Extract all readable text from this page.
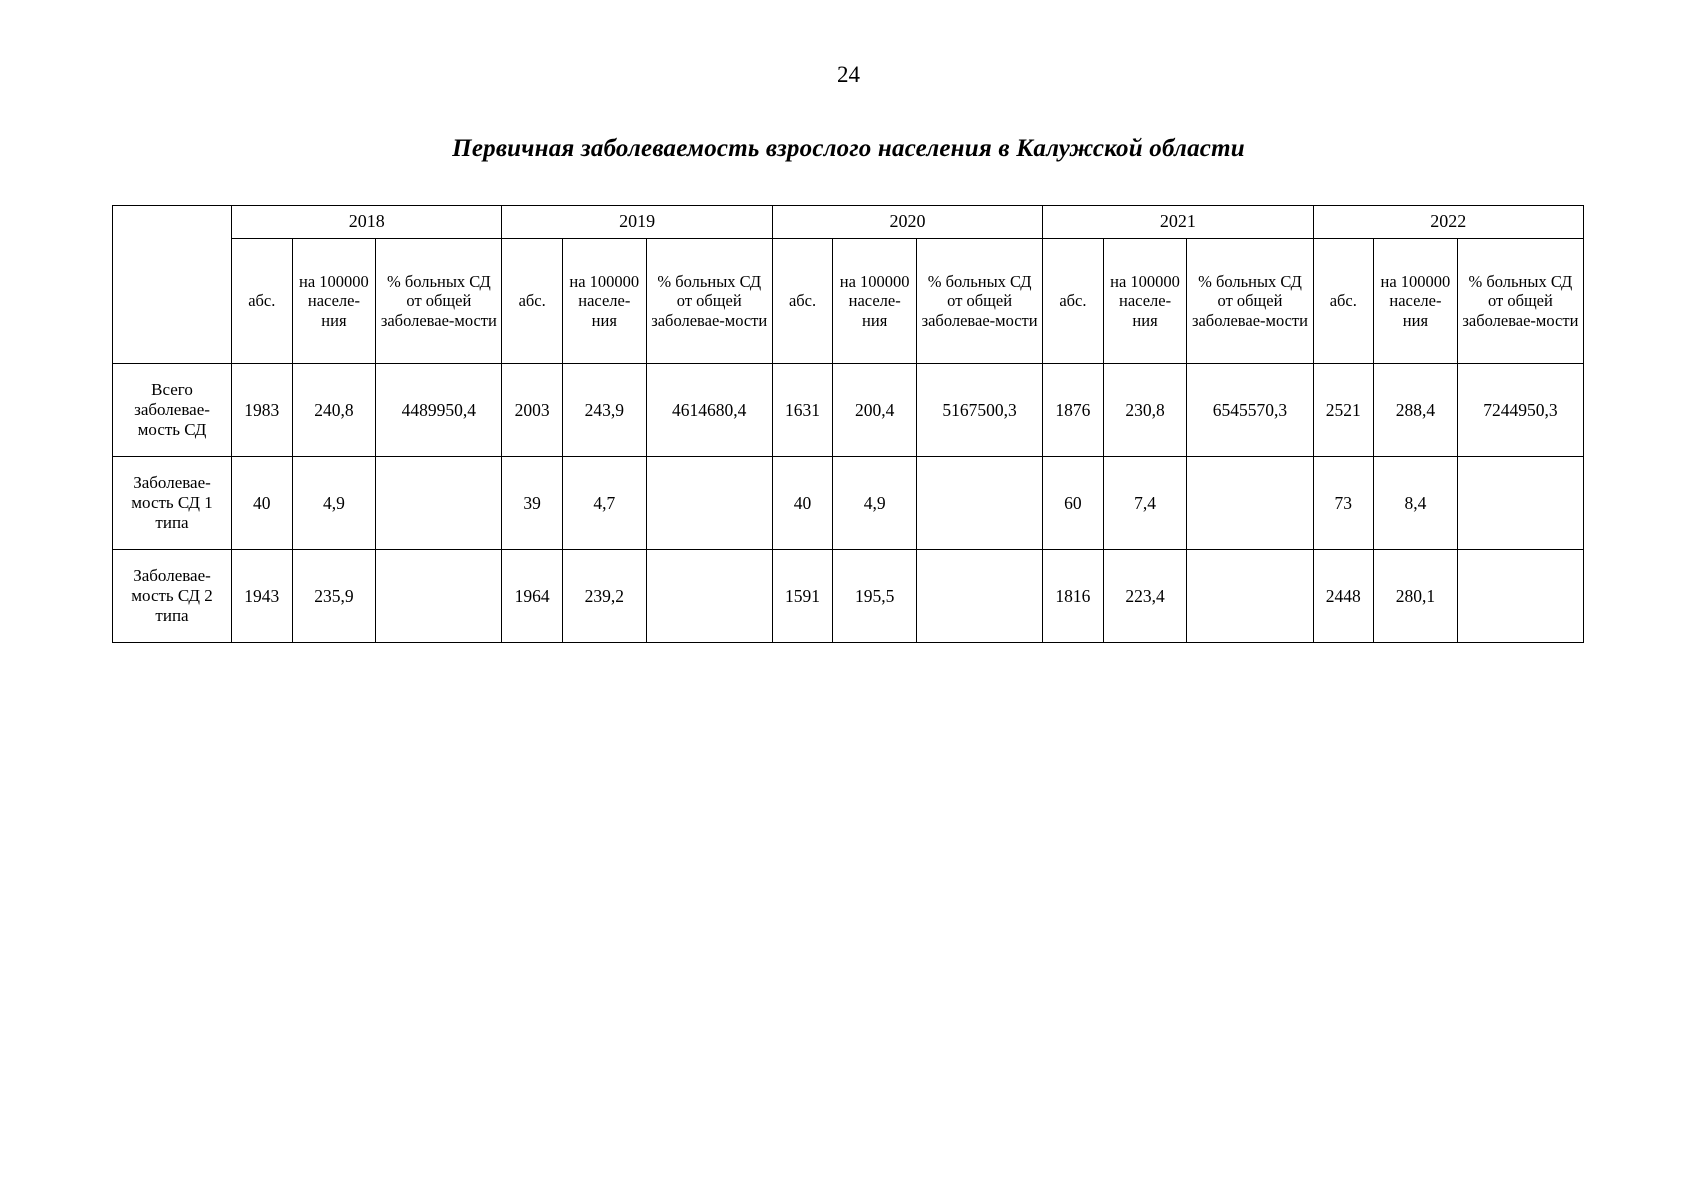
24
Первичная заболеваемость взрослого населения в Калужской области
	2018			2019			2020			2021			2022		
	абс.	на 100000 населе-ния	% больных СД от общей заболевае-мости	абс.	на 100000 населе-ния	% больных СД от общей заболевае-мости	абс.	на 100000 населе-ния	% больных СД от общей заболевае-мости	абс.	на 100000 населе-ния	% больных СД от общей заболевае-мости	абс.	на 100000 населе-ния	% больных СД от общей заболевае-мости
Всего заболевае-мость СД	1983	240,8	4489950,4	2003	243,9	4614680,4	1631	200,4	5167500,3	1876	230,8	6545570,3	2521	288,4	7244950,3
Заболевае-мость СД 1 типа	40	4,9		39	4,7		40	4,9		60	7,4		73	8,4	
Заболевае-мость СД 2 типа	1943	235,9		1964	239,2		1591	195,5		1816	223,4		2448	280,1	
